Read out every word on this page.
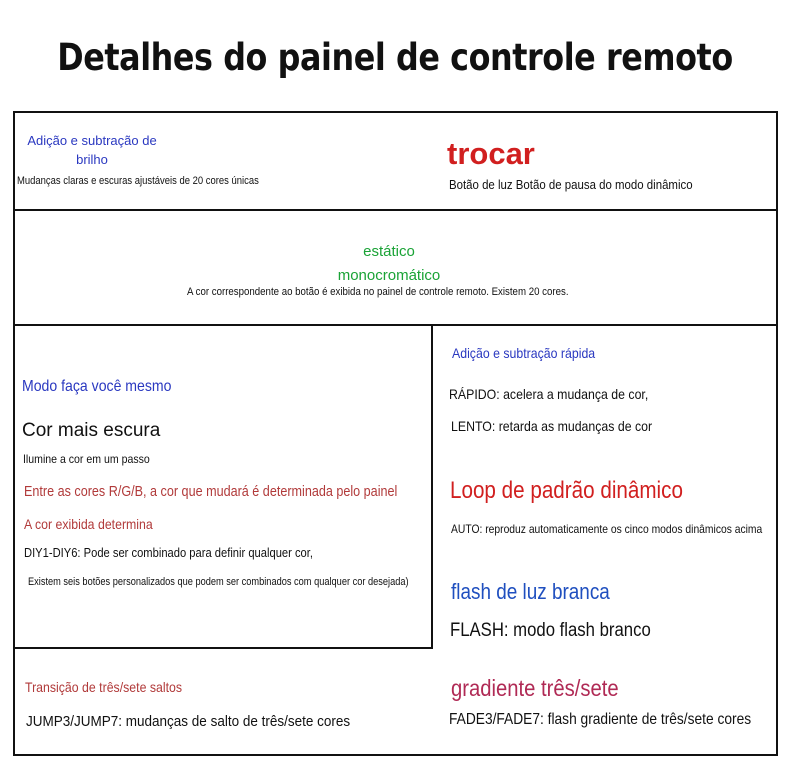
Detalhes do painel de controle remoto
Adição e subtração de
brilho
Mudanças claras e escuras ajustáveis de 20 cores únicas
trocar
Botão de luz Botão de pausa do modo dinâmico
estático
monocromático
A cor correspondente ao botão é exibida no painel de controle remoto. Existem 20 cores.
Modo faça você mesmo
Cor mais escura
Ilumine a cor em um passo
Entre as cores R/G/B, a cor que mudará é determinada pelo painel
A cor exibida determina
DIY1-DIY6: Pode ser combinado para definir qualquer cor,
Existem seis botões personalizados que podem ser combinados com qualquer cor desejada)
Adição e subtração rápida
RÁPIDO: acelera a mudança de cor,
LENTO: retarda as mudanças de cor
Loop de padrão dinâmico
AUTO: reproduz automaticamente os cinco modos dinâmicos acima
flash de luz branca
FLASH: modo flash branco
Transição de três/sete saltos
JUMP3/JUMP7: mudanças de salto de três/sete cores
gradiente três/sete
FADE3/FADE7: flash gradiente de três/sete cores
